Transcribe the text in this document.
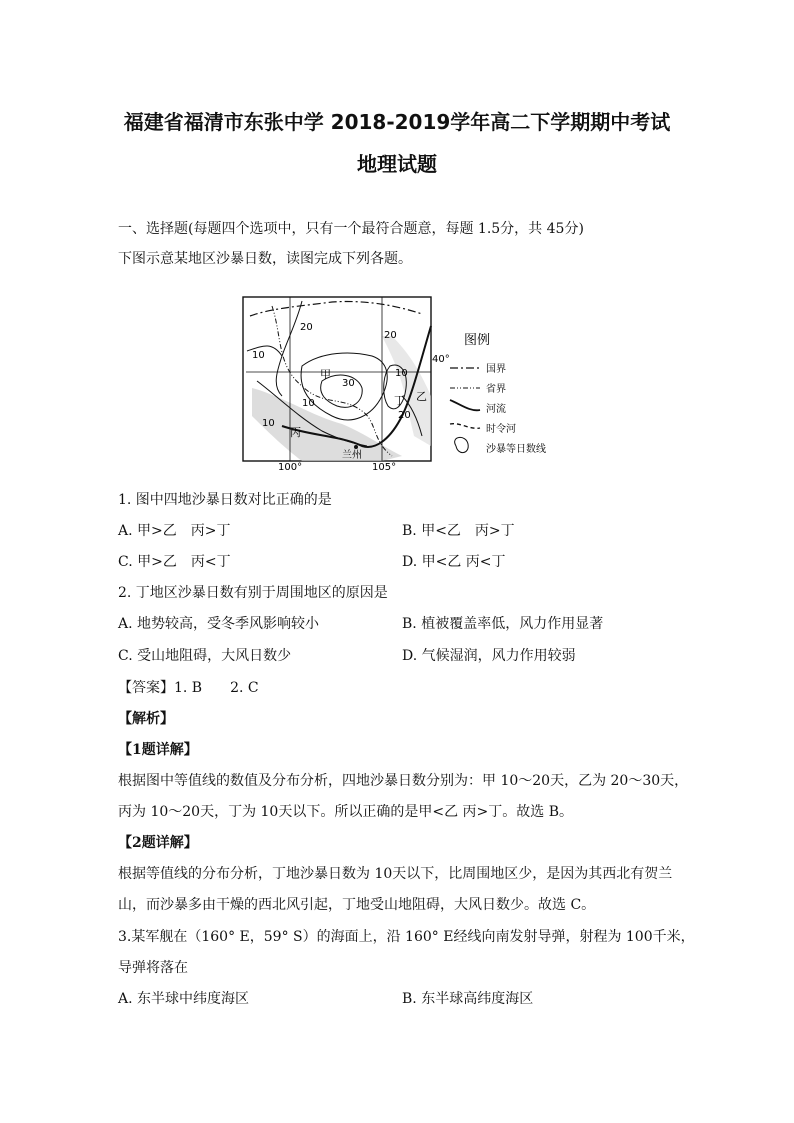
福建省福清市东张中学 2018-2019学年高二下学期期中考试
地理试题
一、选择题(每题四个选项中，只有一个最符合题意，每题 1.5分，共 45分)
下图示意某地区沙暴日数，读图完成下列各题。
20
20
10
30
10
10
20
10
甲
乙
丙
丁
兰州
40°
100°	105°
图例
国界
省界
河流
时令河
沙暴等日数线
1. 图中四地沙暴日数对比正确的是
A. 甲>乙　丙>丁	B. 甲<乙　丙>丁
C. 甲>乙　丙<丁	D. 甲<乙 丙<丁
2. 丁地区沙暴日数有别于周围地区的原因是
A. 地势较高，受冬季风影响较小	B. 植被覆盖率低，风力作用显著
C. 受山地阻碍，大风日数少	D. 气候湿润，风力作用较弱
【答案】1. B　　2. C
【解析】
【1题详解】
根据图中等值线的数值及分布分析，四地沙暴日数分别为：甲 10～20天，乙为 20～30天，
丙为 10～20天，丁为 10天以下。所以正确的是甲<乙 丙>丁。故选 B。
【2题详解】
根据等值线的分布分析，丁地沙暴日数为 10天以下，比周围地区少，是因为其西北有贺兰
山，而沙暴多由干燥的西北风引起，丁地受山地阻碍，大风日数少。故选 C。
3.某军舰在（160° E，59° S）的海面上，沿 160° E经线向南发射导弹，射程为 100千米，
导弹将落在
A. 东半球中纬度海区	B. 东半球高纬度海区
